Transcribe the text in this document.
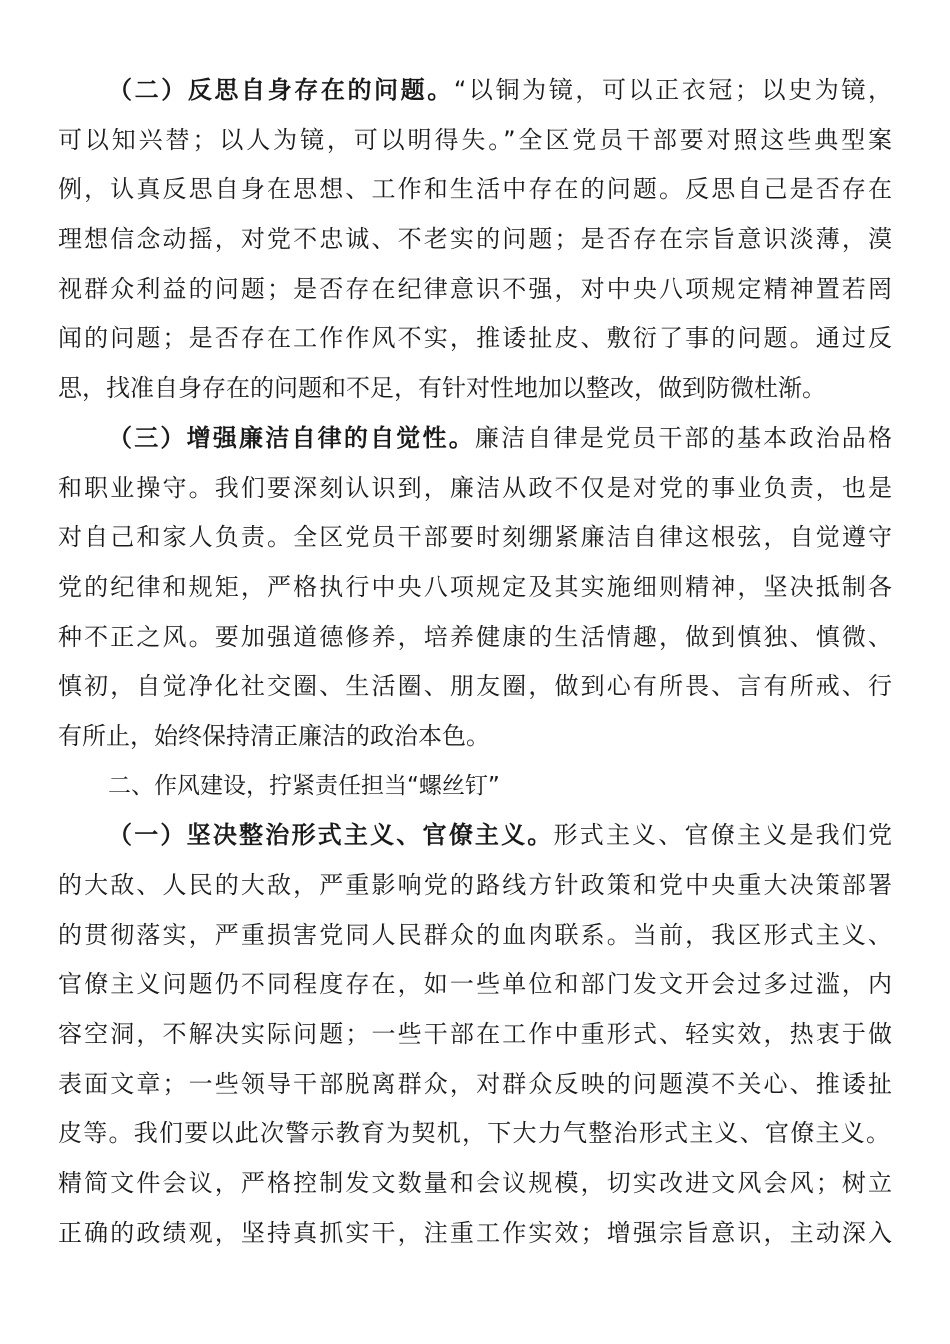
（二）反思自身存在的问题。“以铜为镜，可以正衣冠；以史为镜，
可以知兴替；以人为镜，可以明得失。”全区党员干部要对照这些典型案
例，认真反思自身在思想、工作和生活中存在的问题。反思自己是否存在
理想信念动摇，对党不忠诚、不老实的问题；是否存在宗旨意识淡薄，漠
视群众利益的问题；是否存在纪律意识不强，对中央八项规定精神置若罔
闻的问题；是否存在工作作风不实，推诿扯皮、敷衍了事的问题。通过反
思，找准自身存在的问题和不足，有针对性地加以整改，做到防微杜渐。
（三）增强廉洁自律的自觉性。廉洁自律是党员干部的基本政治品格
和职业操守。我们要深刻认识到，廉洁从政不仅是对党的事业负责，也是
对自己和家人负责。全区党员干部要时刻绷紧廉洁自律这根弦，自觉遵守
党的纪律和规矩，严格执行中央八项规定及其实施细则精神，坚决抵制各
种不正之风。要加强道德修养，培养健康的生活情趣，做到慎独、慎微、
慎初，自觉净化社交圈、生活圈、朋友圈，做到心有所畏、言有所戒、行
有所止，始终保持清正廉洁的政治本色。
二、作风建设，拧紧责任担当“螺丝钉”
（一）坚决整治形式主义、官僚主义。形式主义、官僚主义是我们党
的大敌、人民的大敌，严重影响党的路线方针政策和党中央重大决策部署
的贯彻落实，严重损害党同人民群众的血肉联系。当前，我区形式主义、
官僚主义问题仍不同程度存在，如一些单位和部门发文开会过多过滥，内
容空洞，不解决实际问题；一些干部在工作中重形式、轻实效，热衷于做
表面文章；一些领导干部脱离群众，对群众反映的问题漠不关心、推诿扯
皮等。我们要以此次警示教育为契机，下大力气整治形式主义、官僚主义。
精简文件会议，严格控制发文数量和会议规模，切实改进文风会风；树立
正确的政绩观，坚持真抓实干，注重工作实效；增强宗旨意识，主动深入
